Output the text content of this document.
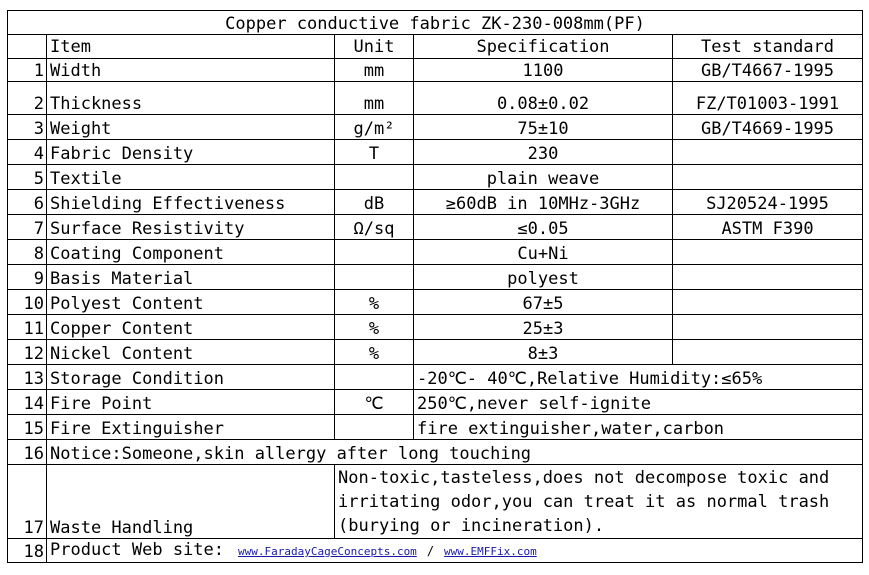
Copper conductive fabric ZK-230-008mm(PF)				
	Item	Unit	Specification	Test standard
1	Width	mm	1100	GB/T4667-1995
2	Thickness	mm	0.08±0.02	FZ/T01003-1991
3	Weight	g/m²	75±10	GB/T4669-1995
4	Fabric Density	T	230	
5	Textile		plain weave	
6	Shielding Effectiveness	dB	≥60dB in 10MHz-3GHz	SJ20524-1995
7	Surface Resistivity	Ω/sq	≤0.05	ASTM F390
8	Coating Component		Cu+Ni	
9	Basis Material		polyest	
10	Polyest Content	%	67±5	
11	Copper Content	%	25±3	
12	Nickel Content	%	8±3	
13	Storage Condition		-20℃- 40℃,Relative Humidity:≤65%	
14	Fire Point	℃	250℃,never self-ignite	
15	Fire Extinguisher		fire extinguisher,water,carbon	
16	Notice:Someone,skin allergy after long touching			
17	Waste Handling	Non-toxic,tasteless,does not decompose toxic and irritating odor,you can treat it as normal trash (burying or incineration).		
18	Product Web site: www.FaradayCageConcepts.com / www.EMFFix.com			
